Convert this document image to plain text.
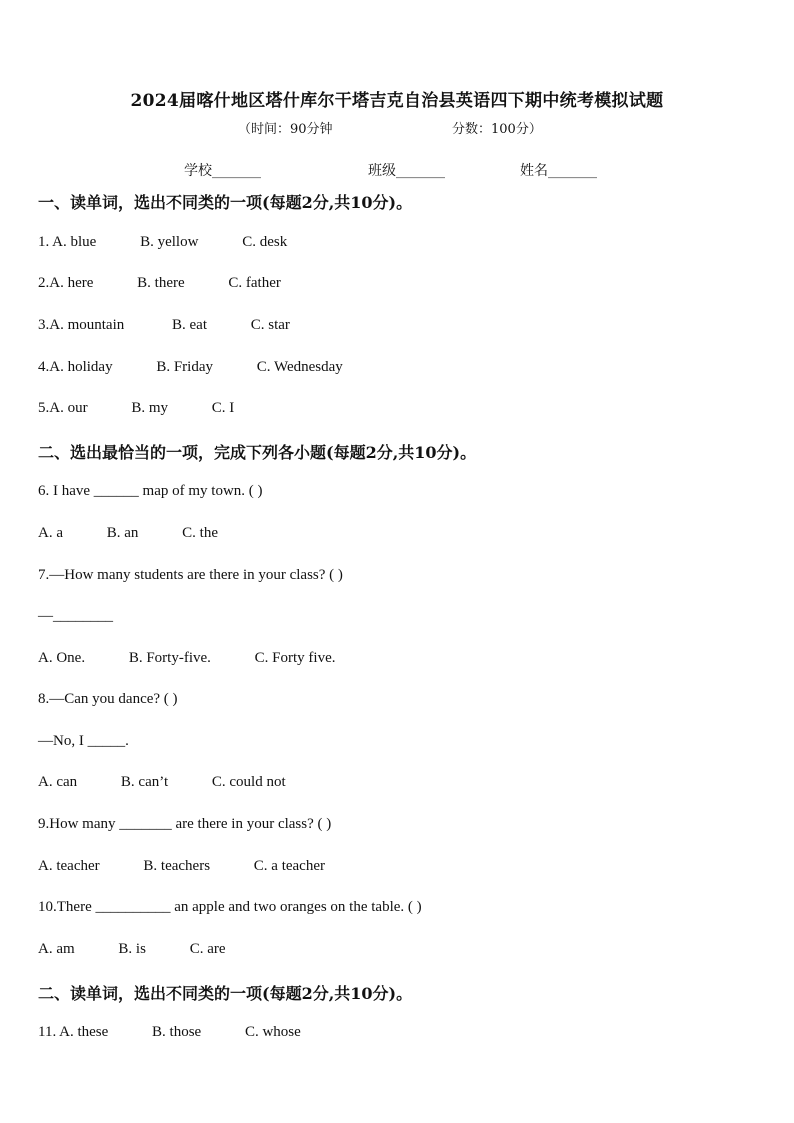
2024届喀什地区塔什库尔干塔吉克自治县英语四下期中统考模拟试题
（时间：90分钟	分数：100分）
学校_______	班级_______	姓名_______
一、读单词，选出不同类的一项(每题2分,共10分)。
1. A. blue	B. yellow	C. desk
2.A. here	B. there	C. father
3.A. mountain	B. eat	C. star
4.A. holiday	B. Friday	C. Wednesday
5.A. our	B. my	C. I
二、选出最恰当的一项，完成下列各小题(每题2分,共10分)。
6. I have ______ map of my town. ( )
A. a	B. an	C. the
7.—How many students are there in your class? ( )
—________
A. One.	B. Forty-five.	C. Forty five.
8.—Can you dance? ( )
—No, I _____.
A. can	B. can’t	C. could not
9.How many _______ are there in your class? ( )
A. teacher	B. teachers	C. a teacher
10.There __________ an apple and two oranges on the table. ( )
A. am	B. is	C. are
二、读单词，选出不同类的一项(每题2分,共10分)。
11. A. these	B. those	C. whose
